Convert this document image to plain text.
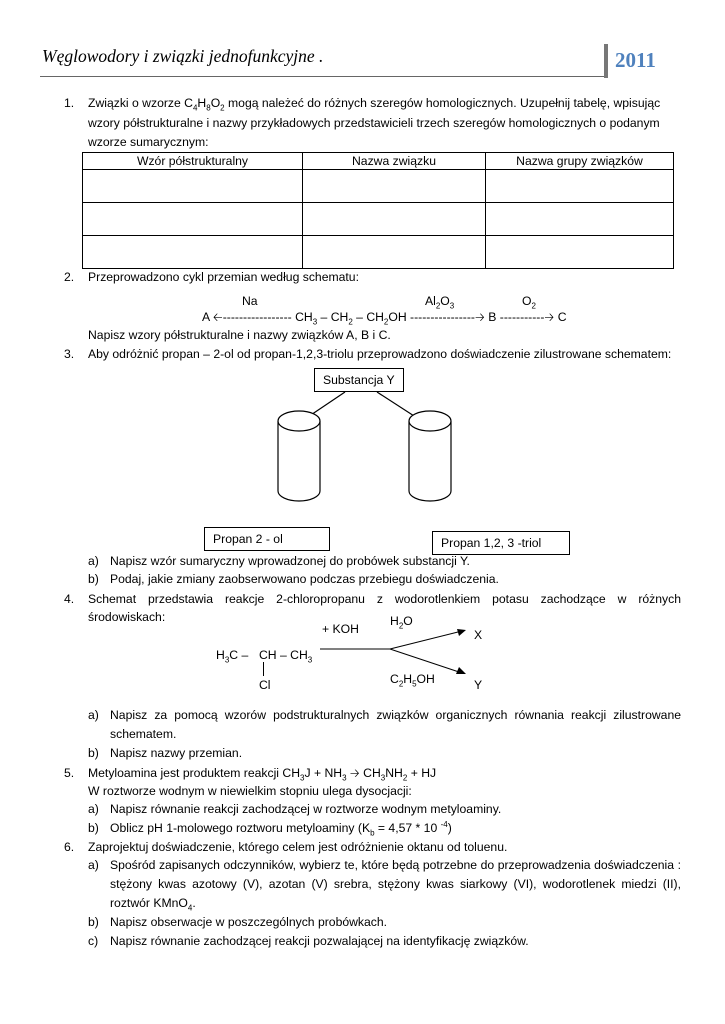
Węglowodory i związki jednofunkcyjne .	2011
1. Związki o wzorze $C_4H_8O_2$ mogą należeć do różnych szeregów homologicznych. Uzupełnij tabelę, wpisując
wzory półstrukturalne i nazwy przykładowych przedstawicieli trzech szeregów homologicznych o podanym
wzorze sumarycznym:
Wzór półstrukturalny	Nazwa związku	Nazwa grupy związków

2. Przeprowadzono cykl przemian według schematu:
Na	$Al_2O_3$	$O_2$
A 🡠----------------- $CH_3 - CH_2 - CH_2OH$ ----------------🡢 B -----------🡢 C
Napisz wzory półstrukturalne i nazwy związków A, B i C.
3. Aby odróżnić propan – 2-ol od propan-1,2,3-triolu przeprowadzono doświadczenie zilustrowane schematem:
Substancja Y
Propan 2 - ol	Propan 1,2, 3 -triol
a) Napisz wzór sumaryczny wprowadzonej do probówek substancji Y.
b) Podaj, jakie zmiany zaobserwowano podczas przebiegu doświadczenia.
4. Schemat przedstawia reakcje 2-chloropropanu z wodorotlenkiem potasu zachodzące w różnych
środowiskach:
+ KOH
$H_2O$
X
$H_3C$ – CH – $CH_3$
Cl	$C_2H_5OH$	Y
a) Napisz za pomocą wzorów podstrukturalnych związków organicznych równania reakcji zilustrowane
schematem.
b) Napisz nazwy przemian.
5. Metyloamina jest produktem reakcji $CH_3J + NH_3$ 🡢 $CH_3NH_2$ + HJ
W roztworze wodnym w niewielkim stopniu ulega dysocjacji:
a) Napisz równanie reakcji zachodzącej w roztworze wodnym metyloaminy.
b) Oblicz pH 1-molowego roztworu metyloaminy ($K_b = 4,57 * 10$ $^{-4}$)
6. Zaprojektuj doświadczenie, którego celem jest odróżnienie oktanu od toluenu.
a) Spośród zapisanych odczynników, wybierz te, które będą potrzebne do przeprowadzenia doświadczenia :
stężony kwas azotowy (V), azotan (V) srebra, stężony kwas siarkowy (VI), wodorotlenek miedzi (II),
roztwór KMnO$_4$.
b) Napisz obserwacje w poszczególnych probówkach.
c) Napisz równanie zachodzącej reakcji pozwalającej na identyfikację związków.
